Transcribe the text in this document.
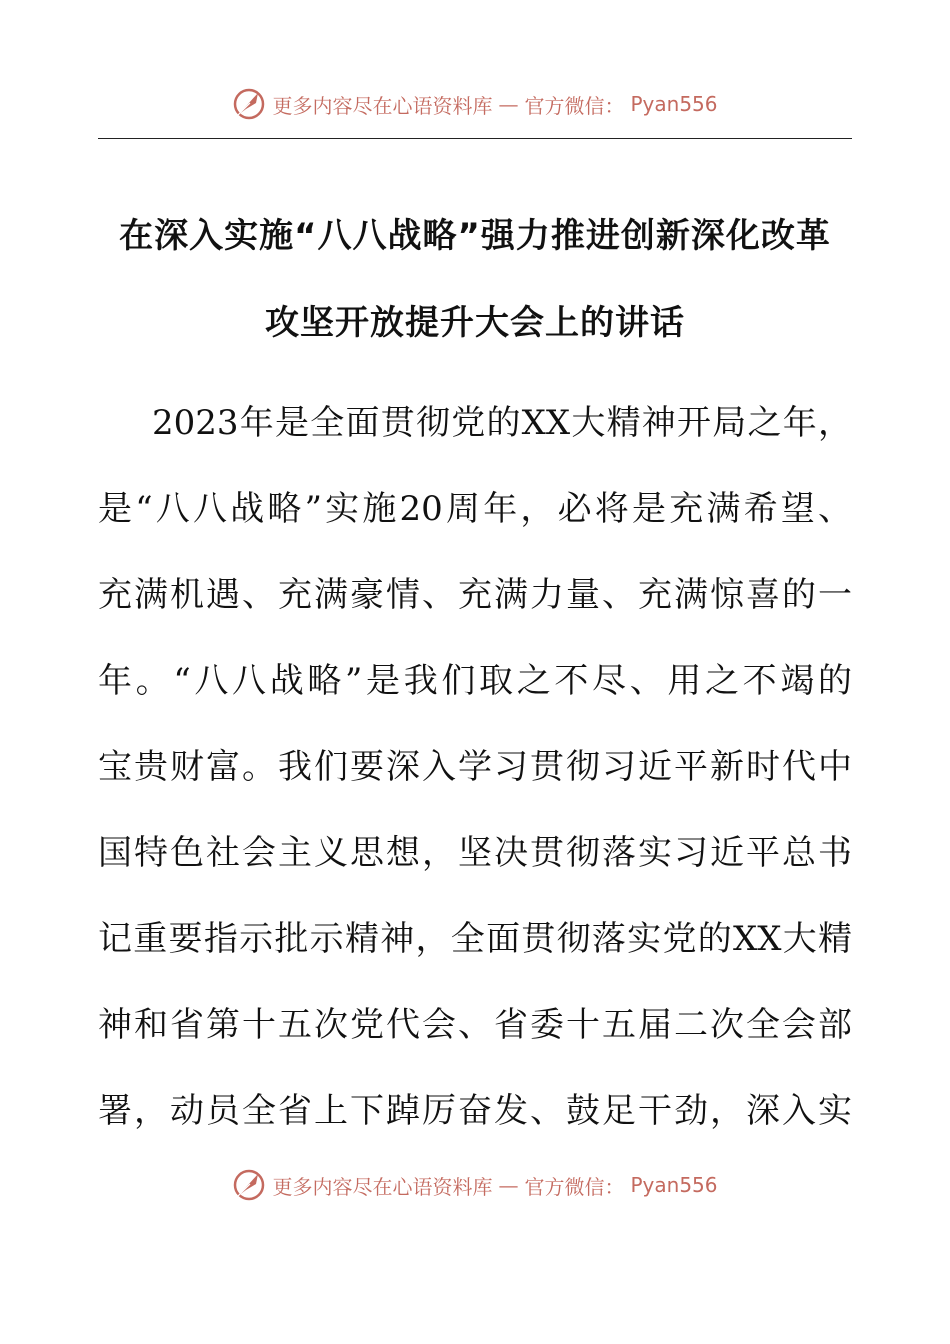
更多内容尽在心语资料库 — 官方微信： Pyan556
在深入实施“八八战略”强力推进创新深化改革
攻坚开放提升大会上的讲话
2023年是全面贯彻党的XX大精神开局之年，
是“八八战略”实施20周年，必将是充满希望、
充满机遇、充满豪情、充满力量、充满惊喜的一
年。“八八战略”是我们取之不尽、用之不竭的
宝贵财富。我们要深入学习贯彻习近平新时代中
国特色社会主义思想，坚决贯彻落实习近平总书
记重要指示批示精神，全面贯彻落实党的XX大精
神和省第十五次党代会、省委十五届二次全会部
署，动员全省上下踔厉奋发、鼓足干劲，深入实
更多内容尽在心语资料库 — 官方微信： Pyan556
